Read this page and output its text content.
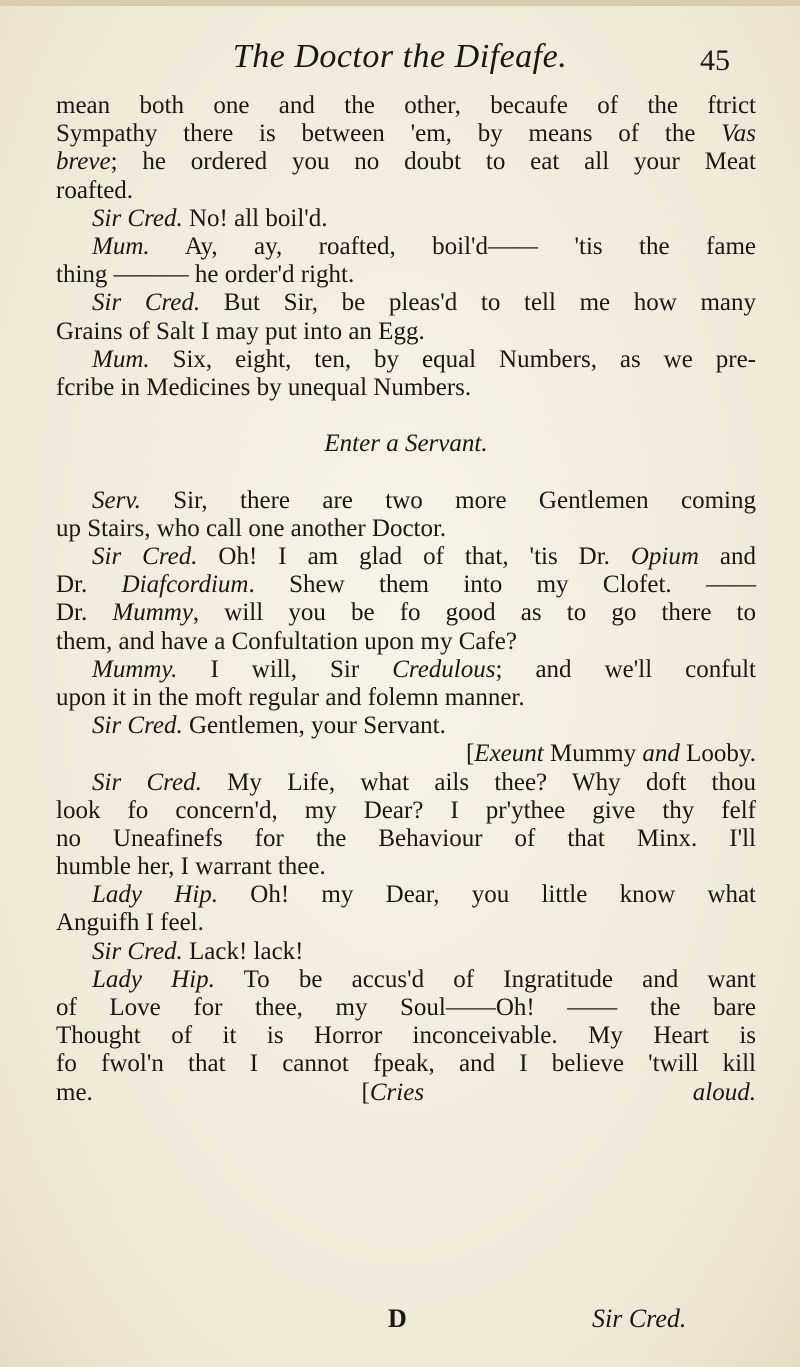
The Doctor the Difeafe.	45
mean both one and the other, becaufe of the ftrict
Sympathy there is between 'em, by means of the Vas
breve; he ordered you no doubt to eat all your Meat
roafted.
Sir Cred. No! all boil'd.
Mum. Ay, ay, roafted, boil'd—— 'tis the fame
thing ——— he order'd right.
Sir Cred. But Sir, be pleas'd to tell me how many
Grains of Salt I may put into an Egg.
Mum. Six, eight, ten, by equal Numbers, as we pre-
fcribe in Medicines by unequal Numbers.
Enter a Servant.
Serv. Sir, there are two more Gentlemen coming
up Stairs, who call one another Doctor.
Sir Cred. Oh! I am glad of that, 'tis Dr. Opium and
Dr. Diafcordium. Shew them into my Clofet. ——
Dr. Mummy, will you be fo good as to go there to
them, and have a Confultation upon my Cafe?
Mummy. I will, Sir Credulous; and we'll confult
upon it in the moft regular and folemn manner.
Sir Cred. Gentlemen, your Servant.
[Exeunt Mummy and Looby.
Sir Cred. My Life, what ails thee? Why doft thou
look fo concern'd, my Dear? I pr'ythee give thy felf
no Uneafinefs for the Behaviour of that Minx. I'll
humble her, I warrant thee.
Lady Hip. Oh! my Dear, you little know what
Anguifh I feel.
Sir Cred. Lack! lack!
Lady Hip. To be accus'd of Ingratitude and want
of Love for thee, my Soul——Oh! —— the bare
Thought of it is Horror inconceivable. My Heart is
fo fwol'n that I cannot fpeak, and I believe 'twill kill
me. [Cries aloud.
D	Sir Cred.
